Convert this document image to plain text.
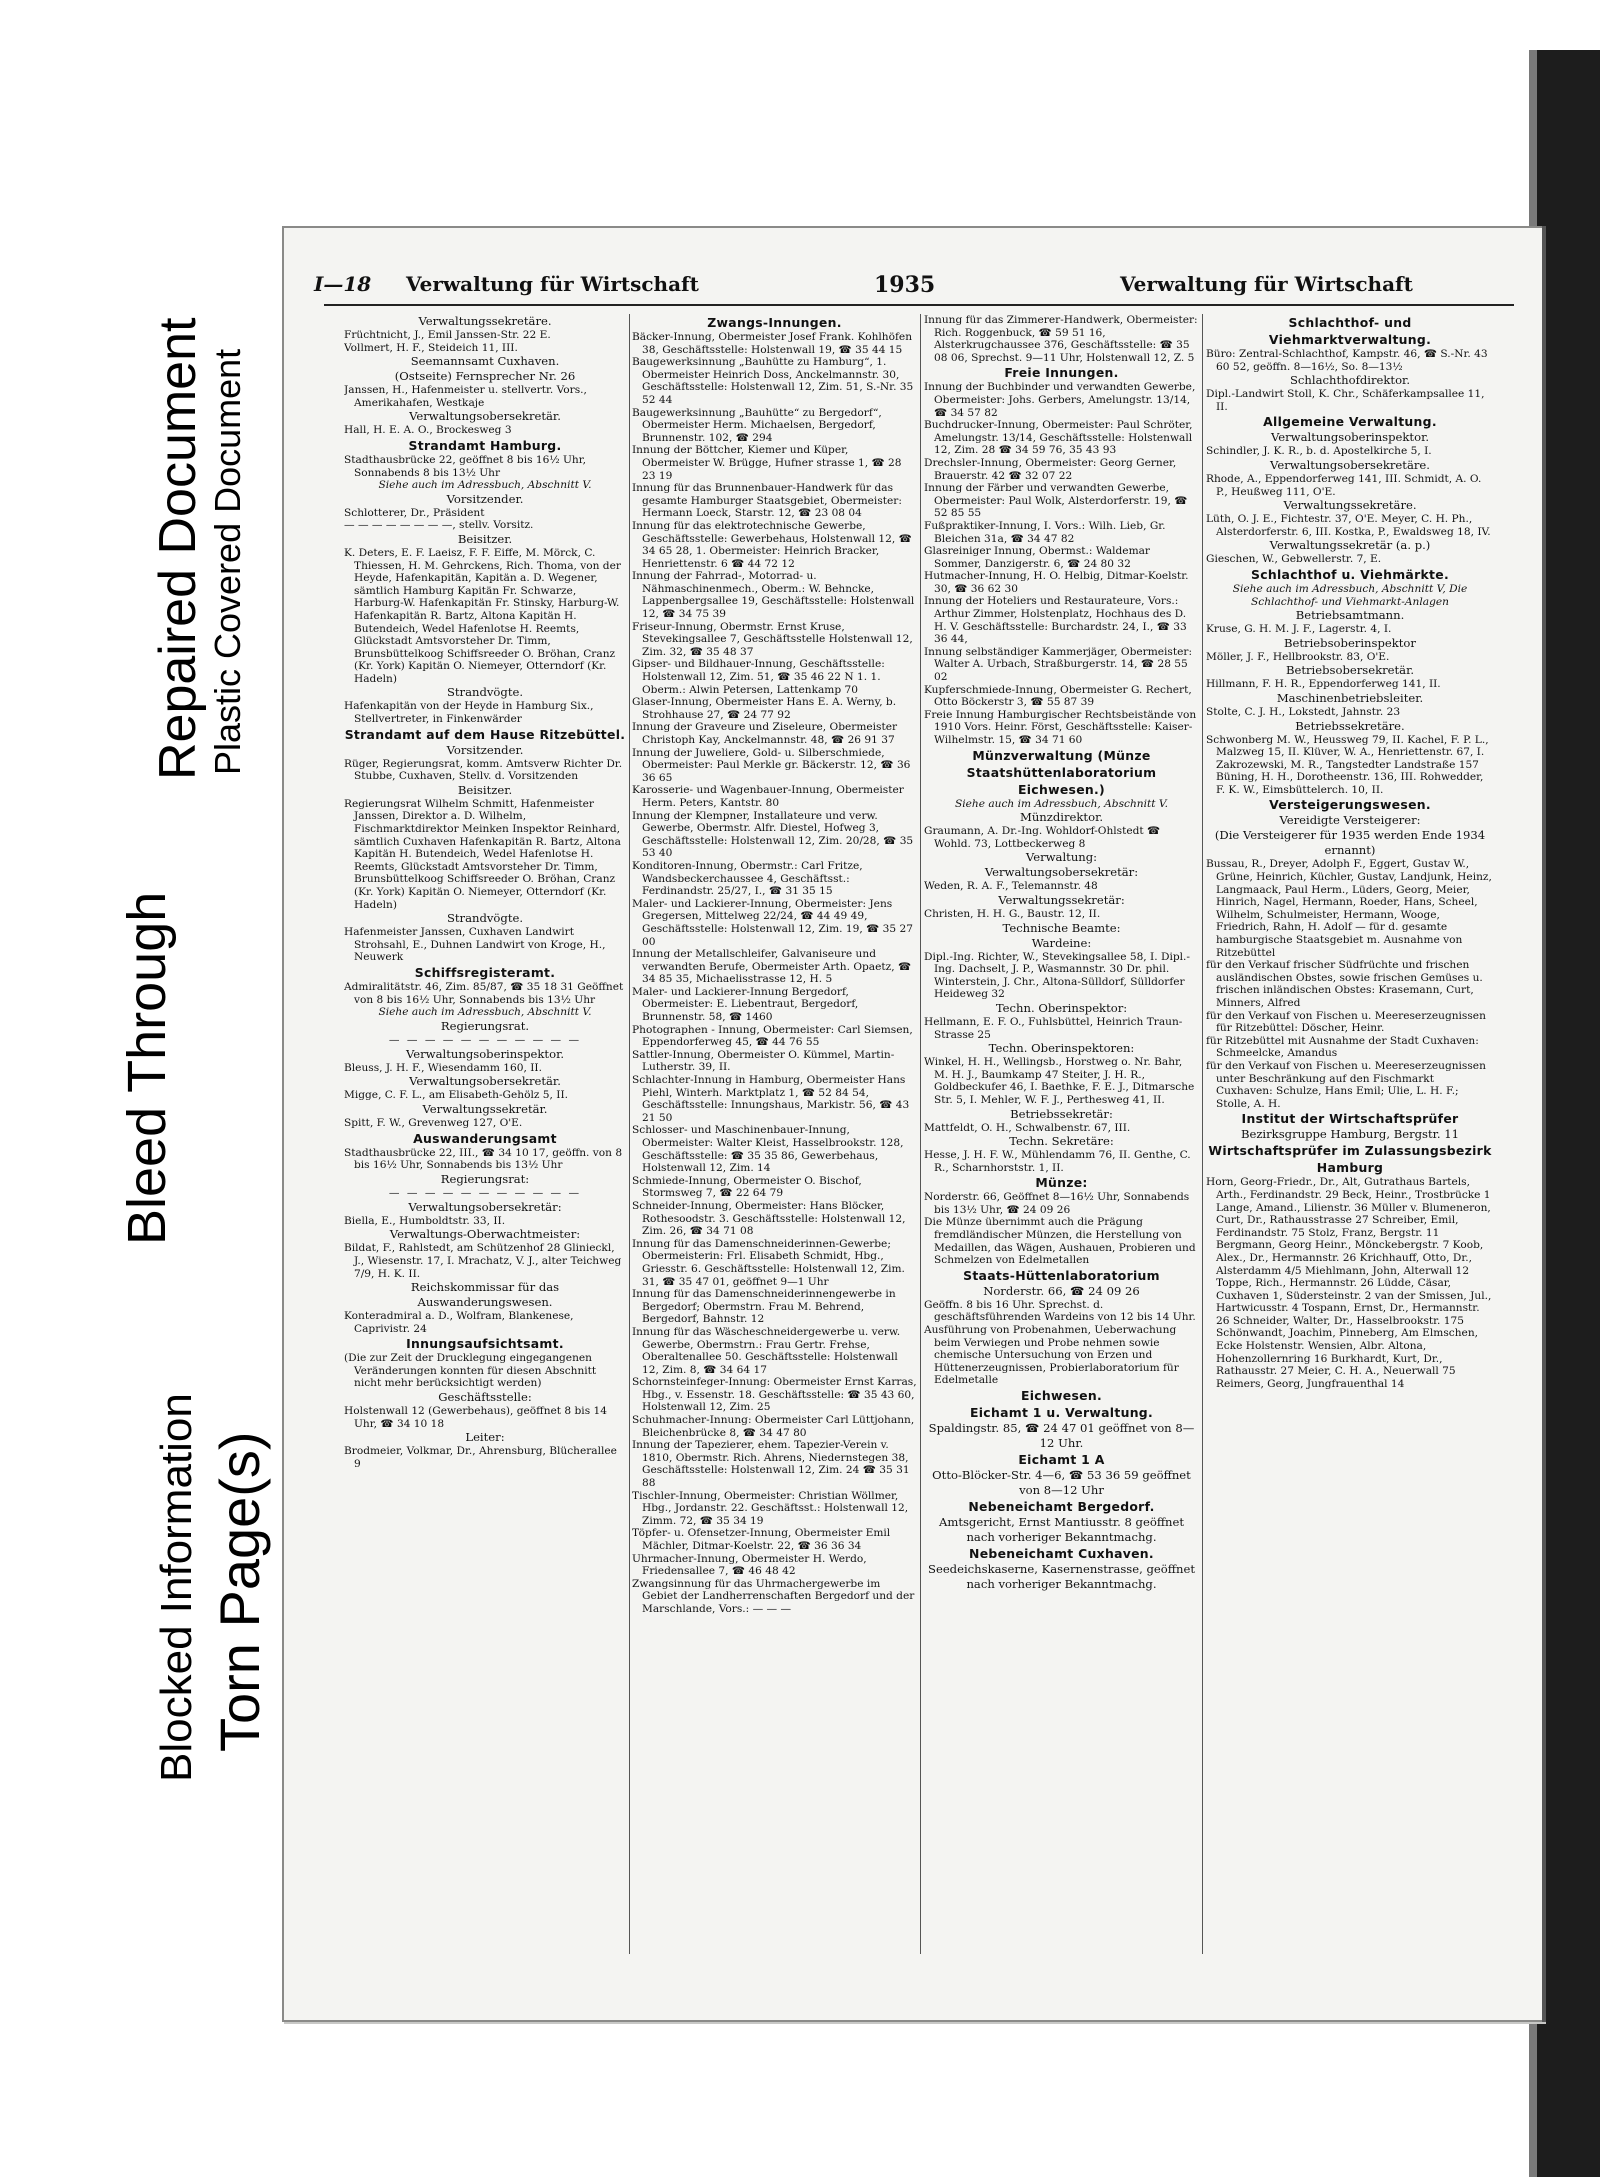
Repaired Document Plastic Covered Document
Bleed Through
Blocked Information Torn Page(s)
I—18 Verwaltung für Wirtschaft	1935	Verwaltung für Wirtschaft
Verwaltungssekretäre.
Früchtnicht, J., Emil Janssen-Str. 22 E.
Vollmert, H. F., Steideich 11, III.
Seemannsamt Cuxhaven.
(Ostseite) Fernsprecher Nr. 26
Janssen, H., Hafenmeister u. stellvertr. Vors., Amerikahafen, Westkaje
Verwaltungsobersekretär.
Hall, H. E. A. O., Brockesweg 3
Strandamt Hamburg.
Stadthausbrücke 22, geöffnet 8 bis 16½ Uhr, Sonnabends 8 bis 13½ Uhr
Siehe auch im Adressbuch, Abschnitt V.
Vorsitzender.
Schlotterer, Dr., Präsident
— — — — — — — —, stellv. Vorsitz.
Beisitzer.
K. Deters, E. F. Laeisz, F. F. Eiffe, M. Mörck, C. Thiessen, H. M. Gehrckens, Rich. Thoma, von der Heyde, Hafenkapitän, Kapitän a. D. Wegener, sämtlich Hamburg Kapitän Fr. Schwarze, Harburg-W. Hafenkapitän Fr. Stinsky, Harburg-W. Hafenkapitän R. Bartz, Altona Kapitän H. Butendeich, Wedel Hafenlotse H. Reemts, Glückstadt Amtsvorsteher Dr. Timm, Brunsbüttelkoog Schiffsreeder O. Bröhan, Cranz (Kr. York) Kapitän O. Niemeyer, Otterndorf (Kr. Hadeln)
Strandvögte.
Hafenkapitän von der Heyde in Hamburg Six., Stellvertreter, in Finkenwärder
Strandamt auf dem Hause Ritzebüttel.
Vorsitzender.
Rüger, Regierungsrat, komm. Amtsverw Richter Dr. Stubbe, Cuxhaven, Stellv. d. Vorsitzenden
Beisitzer.
Regierungsrat Wilhelm Schmitt, Hafenmeister Janssen, Direktor a. D. Wilhelm, Fischmarktdirektor Meinken Inspektor Reinhard, sämtlich Cuxhaven Hafenkapitän R. Bartz, Altona Kapitän H. Butendeich, Wedel Hafenlotse H. Reemts, Glückstadt Amtsvorsteher Dr. Timm, Brunsbüttelkoog Schiffsreeder O. Bröhan, Cranz (Kr. York) Kapitän O. Niemeyer, Otterndorf (Kr. Hadeln)
Strandvögte.
Hafenmeister Janssen, Cuxhaven Landwirt Strohsahl, E., Duhnen Landwirt von Kroge, H., Neuwerk
Schiffsregisteramt.
Admiralitätstr. 46, Zim. 85/87, ☎ 35 18 31 Geöffnet von 8 bis 16½ Uhr, Sonnabends bis 13½ Uhr
Siehe auch im Adressbuch, Abschnitt V.
Regierungsrat.
— — — — — — — — — — —
Verwaltungsoberinspektor.
Bleuss, J. H. F., Wiesendamm 160, II.
Verwaltungsobersekretär.
Migge, C. F. L., am Elisabeth-Gehölz 5, II.
Verwaltungssekretär.
Spitt, F. W., Grevenweg 127, O'E.
Auswanderungsamt
Stadthausbrücke 22, III., ☎ 34 10 17, geöffn. von 8 bis 16½ Uhr, Sonnabends bis 13½ Uhr
Regierungsrat:
— — — — — — — — — — —
Verwaltungsobersekretär:
Biella, E., Humboldtstr. 33, II.
Verwaltungs-Oberwachtmeister:
Bildat, F., Rahlstedt, am Schützenhof 28 Glinieckl, J., Wiesenstr. 17, I. Mrachatz, V. J., alter Teichweg 7/9, H. K. II.
Reichskommissar für das Auswanderungswesen.
Konteradmiral a. D., Wolfram, Blankenese, Caprivistr. 24
Innungsaufsichtsamt.
(Die zur Zeit der Drucklegung eingegangenen Veränderungen konnten für diesen Abschnitt nicht mehr berücksichtigt werden)
Geschäftsstelle:
Holstenwall 12 (Gewerbehaus), geöffnet 8 bis 14 Uhr, ☎ 34 10 18
Leiter:
Brodmeier, Volkmar, Dr., Ahrensburg, Blücherallee 9
Zwangs-Innungen.
Bäcker-Innung, Obermeister Josef Frank. Kohlhöfen 38, Geschäftsstelle: Holstenwall 19, ☎ 35 44 15
Baugewerksinnung „Bauhütte zu Hamburg“, 1. Obermeister Heinrich Doss, Anckelmannstr. 30, Geschäftsstelle: Holstenwall 12, Zim. 51, S.-Nr. 35 52 44
Baugewerksinnung „Bauhütte“ zu Bergedorf“, Obermeister Herm. Michaelsen, Bergedorf, Brunnenstr. 102, ☎ 294
Innung der Böttcher, Kiemer und Küper, Obermeister W. Brügge, Hufner strasse 1, ☎ 28 23 19
Innung für das Brunnenbauer-Handwerk für das gesamte Hamburger Staatsgebiet, Obermeister: Hermann Loeck, Starstr. 12, ☎ 23 08 04
Innung für das elektrotechnische Gewerbe, Geschäftsstelle: Gewerbehaus, Holstenwall 12, ☎ 34 65 28, 1. Obermeister: Heinrich Bracker, Henriettenstr. 6 ☎ 44 72 12
Innung der Fahrrad-, Motorrad- u. Nähmaschinenmech., Oberm.: W. Behncke, Lappenbergsallee 19, Geschäftsstelle: Holstenwall 12, ☎ 34 75 39
Friseur-Innung, Obermstr. Ernst Kruse, Stevekingsallee 7, Geschäftsstelle Holstenwall 12, Zim. 32, ☎ 35 48 37
Gipser- und Bildhauer-Innung, Geschäftsstelle: Holstenwall 12, Zim. 51, ☎ 35 46 22 N 1. 1. Oberm.: Alwin Petersen, Lattenkamp 70
Glaser-Innung, Obermeister Hans E. A. Werny, b. Strohhause 27, ☎ 24 77 92
Innung der Graveure und Ziseleure, Obermeister Christoph Kay, Anckelmannstr. 48, ☎ 26 91 37
Innung der Juweliere, Gold- u. Silberschmiede, Obermeister: Paul Merkle gr. Bäckerstr. 12, ☎ 36 36 65
Karosserie- und Wagenbauer-Innung, Obermeister Herm. Peters, Kantstr. 80
Innung der Klempner, Installateure und verw. Gewerbe, Obermstr. Alfr. Diestel, Hofweg 3, Geschäftsstelle: Holstenwall 12, Zim. 20/28, ☎ 35 53 40
Konditoren-Innung, Obermstr.: Carl Fritze, Wandsbeckerchaussee 4, Geschäftsst.: Ferdinandstr. 25/27, I., ☎ 31 35 15
Maler- und Lackierer-Innung, Obermeister: Jens Gregersen, Mittelweg 22/24, ☎ 44 49 49, Geschäftsstelle: Holstenwall 12, Zim. 19, ☎ 35 27 00
Innung der Metallschleifer, Galvaniseure und verwandten Berufe, Obermeister Arth. Opaetz, ☎ 34 85 35, Michaelisstrasse 12, H. 5
Maler- und Lackierer-Innung Bergedorf, Obermeister: E. Liebentraut, Bergedorf, Brunnenstr. 58, ☎ 1460
Photographen - Innung, Obermeister: Carl Siemsen, Eppendorferweg 45, ☎ 44 76 55
Sattler-Innung, Obermeister O. Kümmel, Martin-Lutherstr. 39, II.
Schlachter-Innung in Hamburg, Obermeister Hans Piehl, Winterh. Marktplatz 1, ☎ 52 84 54, Geschäftsstelle: Innungshaus, Markistr. 56, ☎ 43 21 50
Schlosser- und Maschinenbauer-Innung, Obermeister: Walter Kleist, Hasselbrookstr. 128, Geschäftsstelle: ☎ 35 35 86, Gewerbehaus, Holstenwall 12, Zim. 14
Schmiede-Innung, Obermeister O. Bischof, Stormsweg 7, ☎ 22 64 79
Schneider-Innung, Obermeister: Hans Blöcker, Rothesoodstr. 3. Geschäftsstelle: Holstenwall 12, Zim. 26, ☎ 34 71 08
Innung für das Damenschneiderinnen-Gewerbe; Obermeisterin: Frl. Elisabeth Schmidt, Hbg., Griesstr. 6. Geschäftsstelle: Holstenwall 12, Zim. 31, ☎ 35 47 01, geöffnet 9—1 Uhr
Innung für das Damenschneiderinnengewerbe in Bergedorf; Obermstrn. Frau M. Behrend, Bergedorf, Bahnstr. 12
Innung für das Wäscheschneidergewerbe u. verw. Gewerbe, Obermstrn.: Frau Gertr. Frehse, Oberaltenallee 50. Geschäftsstelle: Holstenwall 12, Zim. 8, ☎ 34 64 17
Schornsteinfeger-Innung: Obermeister Ernst Karras, Hbg., v. Essenstr. 18. Geschäftsstelle: ☎ 35 43 60, Holstenwall 12, Zim. 25
Schuhmacher-Innung: Obermeister Carl Lüttjohann, Bleichenbrücke 8, ☎ 34 47 80
Innung der Tapezierer, ehem. Tapezier-Verein v. 1810, Obermstr. Rich. Ahrens, Niedernstegen 38, Geschäftsstelle: Holstenwall 12, Zim. 24 ☎ 35 31 88
Tischler-Innung, Obermeister: Christian Wöllmer, Hbg., Jordanstr. 22. Geschäftsst.: Holstenwall 12, Zimm. 72, ☎ 35 34 19
Töpfer- u. Ofensetzer-Innung, Obermeister Emil Mächler, Ditmar-Koelstr. 22, ☎ 36 36 34
Uhrmacher-Innung, Obermeister H. Werdo, Friedensallee 7, ☎ 46 48 42
Zwangsinnung für das Uhrmachergewerbe im Gebiet der Landherrenschaften Bergedorf und der Marschlande, Vors.: — — —
Innung für das Zimmerer-Handwerk, Obermeister: Rich. Roggenbuck, ☎ 59 51 16, Alsterkrugchaussee 376, Geschäftsstelle: ☎ 35 08 06, Sprechst. 9—11 Uhr, Holstenwall 12, Z. 5
Freie Innungen.
Innung der Buchbinder und verwandten Gewerbe, Obermeister: Johs. Gerbers, Amelungstr. 13/14, ☎ 34 57 82
Buchdrucker-Innung, Obermeister: Paul Schröter, Amelungstr. 13/14, Geschäftsstelle: Holstenwall 12, Zim. 28 ☎ 34 59 76, 35 43 93
Drechsler-Innung, Obermeister: Georg Gerner, Brauerstr. 42 ☎ 32 07 22
Innung der Färber und verwandten Gewerbe, Obermeister: Paul Wolk, Alsterdorferstr. 19, ☎ 52 85 55
Fußpraktiker-Innung, I. Vors.: Wilh. Lieb, Gr. Bleichen 31a, ☎ 34 47 82
Glasreiniger Innung, Obermst.: Waldemar Sommer, Danzigerstr. 6, ☎ 24 80 32
Hutmacher-Innung, H. O. Helbig, Ditmar-Koelstr. 30, ☎ 36 62 30
Innung der Hoteliers und Restaurateure, Vors.: Arthur Zimmer, Holstenplatz, Hochhaus des D. H. V. Geschäftsstelle: Burchardstr. 24, I., ☎ 33 36 44,
Innung selbständiger Kammerjäger, Obermeister: Walter A. Urbach, Straßburgerstr. 14, ☎ 28 55 02
Kupferschmiede-Innung, Obermeister G. Rechert, Otto Böckerstr 3, ☎ 55 87 39
Freie Innung Hamburgischer Rechtsbeistände von 1910 Vors. Heinr. Först, Geschäftsstelle: Kaiser-Wilhelmstr. 15, ☎ 34 71 60
Münzverwaltung (Münze Staatshüttenlaboratorium Eichwesen.)
Siehe auch im Adressbuch, Abschnitt V.
Münzdirektor.
Graumann, A. Dr.-Ing. Wohldorf-Ohlstedt ☎ Wohld. 73, Lottbeckerweg 8
Verwaltung:
Verwaltungsobersekretär:
Weden, R. A. F., Telemannstr. 48
Verwaltungssekretär:
Christen, H. H. G., Baustr. 12, II.
Technische Beamte:
Wardeine:
Dipl.-Ing. Richter, W., Stevekingsallee 58, I. Dipl.-Ing. Dachselt, J. P., Wasmannstr. 30 Dr. phil. Winterstein, J. Chr., Altona-Sülldorf, Sülldorfer Heideweg 32
Techn. Oberinspektor:
Hellmann, E. F. O., Fuhlsbüttel, Heinrich Traun-Strasse 25
Techn. Oberinspektoren:
Winkel, H. H., Wellingsb., Horstweg o. Nr. Bahr, M. H. J., Baumkamp 47 Steiter, J. H. R., Goldbeckufer 46, I. Baethke, F. E. J., Ditmarsche Str. 5, I. Mehler, W. F. J., Perthesweg 41, II.
Betriebssekretär:
Mattfeldt, O. H., Schwalbenstr. 67, III.
Techn. Sekretäre:
Hesse, J. H. F. W., Mühlendamm 76, II. Genthe, C. R., Scharnhorststr. 1, II.
Münze:
Norderstr. 66, Geöffnet 8—16½ Uhr, Sonnabends bis 13½ Uhr, ☎ 24 09 26
Die Münze übernimmt auch die Prägung fremdländischer Münzen, die Herstellung von Medaillen, das Wägen, Aushauen, Probieren und Schmelzen von Edelmetallen
Staats-Hüttenlaboratorium
Norderstr. 66, ☎ 24 09 26
Geöffn. 8 bis 16 Uhr. Sprechst. d. geschäftsführenden Wardeins von 12 bis 14 Uhr.
Ausführung von Probenahmen, Ueberwachung beim Verwiegen und Probe nehmen sowie chemische Untersuchung von Erzen und Hüttenerzeugnissen, Probierlaboratorium für Edelmetalle
Eichwesen.
Eichamt 1 u. Verwaltung.
Spaldingstr. 85, ☎ 24 47 01 geöffnet von 8—12 Uhr.
Eichamt 1 A
Otto-Blöcker-Str. 4—6, ☎ 53 36 59 geöffnet von 8—12 Uhr
Nebeneichamt Bergedorf.
Amtsgericht, Ernst Mantiusstr. 8 geöffnet nach vorheriger Bekanntmachg.
Nebeneichamt Cuxhaven.
Seedeichskaserne, Kasernenstrasse, geöffnet nach vorheriger Bekanntmachg.
Schlachthof- und Viehmarktverwaltung.
Büro: Zentral-Schlachthof, Kampstr. 46, ☎ S.-Nr. 43 60 52, geöffn. 8—16½, So. 8—13½
Schlachthofdirektor.
Dipl.-Landwirt Stoll, K. Chr., Schäferkampsallee 11, II.
Allgemeine Verwaltung.
Verwaltungsoberinspektor.
Schindler, J. K. R., b. d. Apostelkirche 5, I.
Verwaltungsobersekretäre.
Rhode, A., Eppendorferweg 141, III. Schmidt, A. O. P., Heußweg 111, O'E.
Verwaltungssekretäre.
Lüth, O. J. E., Fichtestr. 37, O'E. Meyer, C. H. Ph., Alsterdorferstr. 6, III. Kostka, P., Ewaldsweg 18, IV.
Verwaltungssekretär (a. p.)
Gieschen, W., Gebwellerstr. 7, E.
Schlachthof u. Viehmärkte.
Siehe auch im Adressbuch, Abschnitt V, Die Schlachthof- und Viehmarkt-Anlagen
Betriebsamtmann.
Kruse, G. H. M. J. F., Lagerstr. 4, I.
Betriebsoberinspektor
Möller, J. F., Hellbrookstr. 83, O'E.
Betriebsobersekretär.
Hillmann, F. H. R., Eppendorferweg 141, II.
Maschinenbetriebsleiter.
Stolte, C. J. H., Lokstedt, Jahnstr. 23
Betriebssekretäre.
Schwonberg M. W., Heussweg 79, II. Kachel, F. P. L., Malzweg 15, II. Klüver, W. A., Henriettenstr. 67, I. Zakrozewski, M. R., Tangstedter Landstraße 157 Büning, H. H., Dorotheenstr. 136, III. Rohwedder, F. K. W., Eimsbüttelerch. 10, II.
Versteigerungswesen.
Vereidigte Versteigerer:
(Die Versteigerer für 1935 werden Ende 1934 ernannt)
Bussau, R., Dreyer, Adolph F., Eggert, Gustav W., Grüne, Heinrich, Küchler, Gustav, Landjunk, Heinz, Langmaack, Paul Herm., Lüders, Georg, Meier, Hinrich, Nagel, Hermann, Roeder, Hans, Scheel, Wilhelm, Schulmeister, Hermann, Wooge, Friedrich, Rahn, H. Adolf — für d. gesamte hamburgische Staatsgebiet m. Ausnahme von Ritzebüttel
für den Verkauf frischer Südfrüchte und frischen ausländischen Obstes, sowie frischen Gemüses u. frischen inländischen Obstes: Krasemann, Curt, Minners, Alfred
für den Verkauf von Fischen u. Meereserzeugnissen für Ritzebüttel: Döscher, Heinr.
für Ritzebüttel mit Ausnahme der Stadt Cuxhaven: Schmeelcke, Amandus
für den Verkauf von Fischen u. Meereserzeugnissen unter Beschränkung auf den Fischmarkt Cuxhaven: Schulze, Hans Emil; Ulie, L. H. F.; Stolle, A. H.
Institut der Wirtschaftsprüfer
Bezirksgruppe Hamburg, Bergstr. 11
Wirtschaftsprüfer im Zulassungsbezirk Hamburg
Horn, Georg-Friedr., Dr., Alt, Gutrathaus Bartels, Arth., Ferdinandstr. 29 Beck, Heinr., Trostbrücke 1 Lange, Amand., Lilienstr. 36 Müller v. Blumeneron, Curt, Dr., Rathausstrasse 27 Schreiber, Emil, Ferdinandstr. 75 Stolz, Franz, Bergstr. 11 Bergmann, Georg Heinr., Mönckebergstr. 7 Koob, Alex., Dr., Hermannstr. 26 Krichhauff, Otto, Dr., Alsterdamm 4/5 Miehlmann, John, Alterwall 12 Toppe, Rich., Hermannstr. 26 Lüdde, Cäsar, Cuxhaven 1, Südersteinstr. 2 van der Smissen, Jul., Hartwicusstr. 4 Tospann, Ernst, Dr., Hermannstr. 26 Schneider, Walter, Dr., Hasselbrookstr. 175 Schönwandt, Joachim, Pinneberg, Am Elmschen, Ecke Holstenstr. Wensien, Albr. Altona, Hohenzollernring 16 Burkhardt, Kurt, Dr., Rathausstr. 27 Meier, C. H. A., Neuerwall 75 Reimers, Georg, Jungfrauenthal 14
